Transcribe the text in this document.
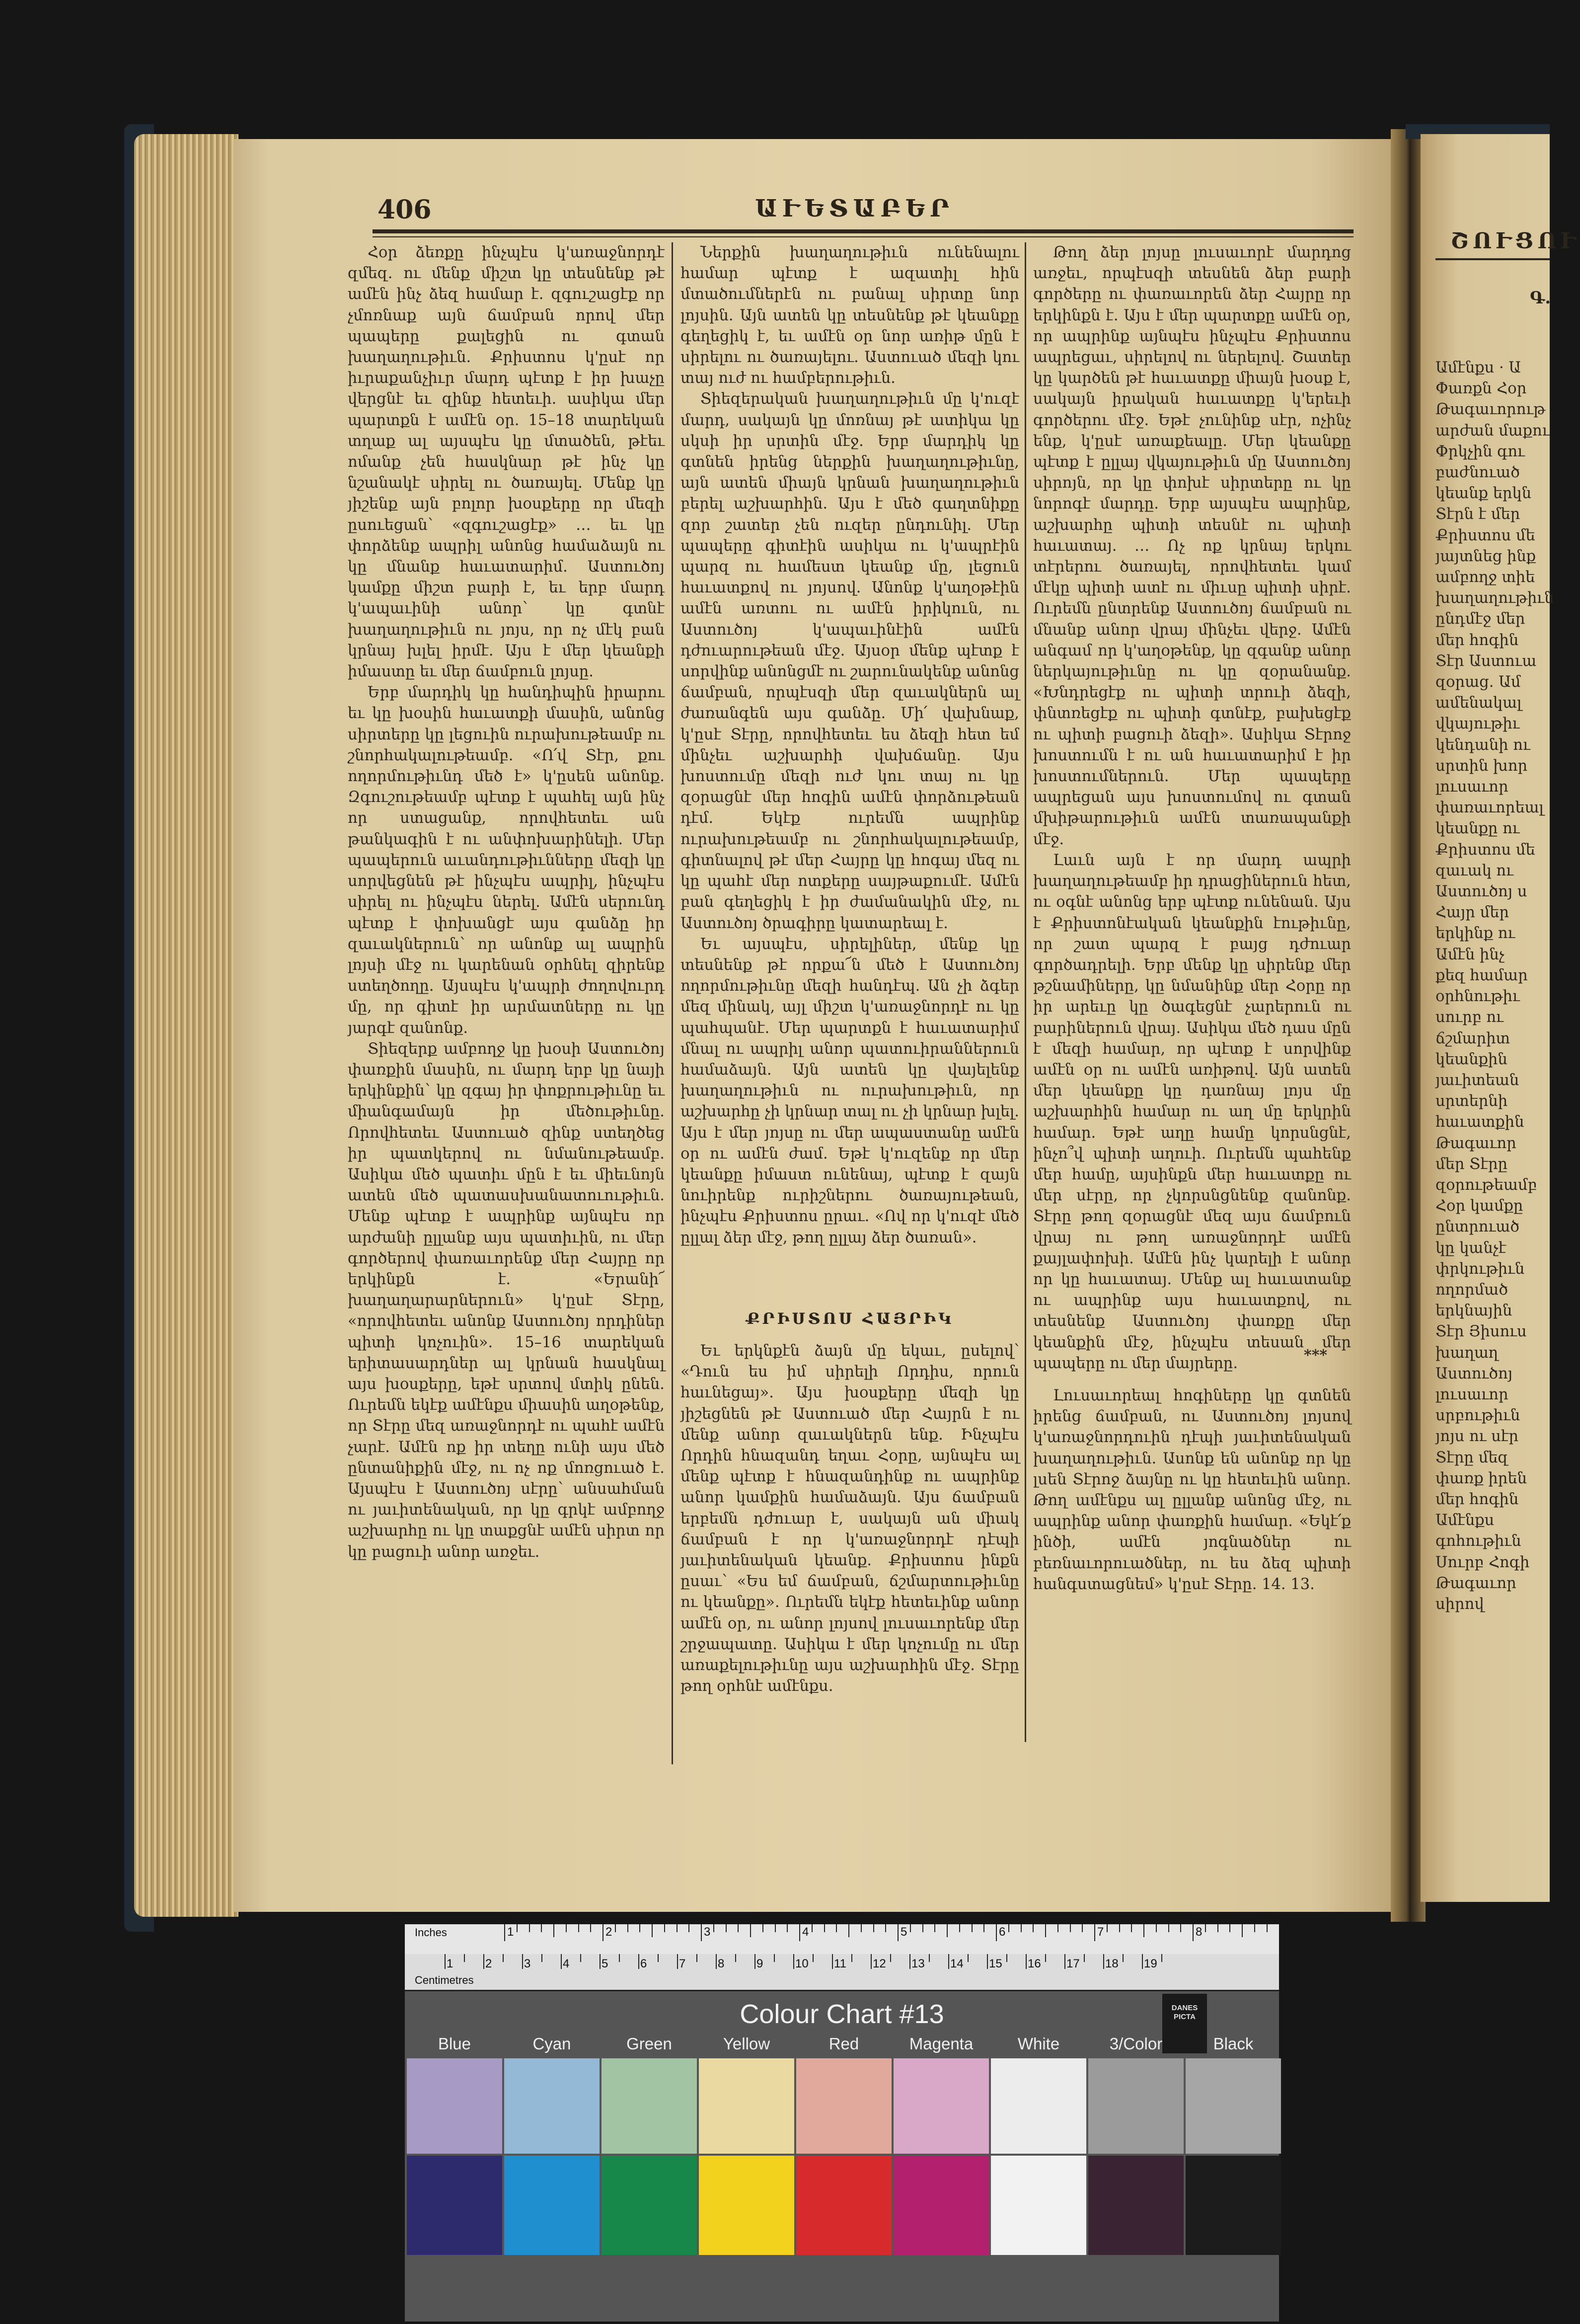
406	ԱՒԵՏԱԲԵՐ
ՇՈՒՑՈՒ
Գ.

Հօր ձեռքը ինչպէս կ'առաջնորդէ զմեզ. ու մենք միշտ կը տեսնենք թէ ամէն ինչ ձեզ համար է. զգուշացէք որ չմոռնաք այն ճամբան որով մեր պապերը քալեցին ու գտան խաղաղութիւն. Քրիստոս կ'ըսէ որ իւրաքանչիւր մարդ պէտք է իր խաչը վերցնէ եւ զինք հետեւի. ասիկա մեր պարտքն է ամէն օր. 15–18 տարեկան տղաք ալ այսպէս կը մտածեն, թէեւ ոմանք չեն հասկնար թէ ինչ կը նշանակէ սիրել ու ծառայել. Մենք կը յիշենք այն բոլոր խօսքերը որ մեզի ըսուեցան՝ «զգուշացէք» … եւ կը փորձենք ապրիլ անոնց համաձայն ու կը մնանք հաւատարիմ. Աստուծոյ կամքը միշտ բարի է, եւ երբ մարդ կ'ապաւինի անոր՝ կը գտնէ խաղաղութիւն ու յոյս, որ ոչ մէկ բան կրնայ խլել իրմէ. Այս է մեր կեանքի իմաստը եւ մեր ճամբուն լոյսը.

Երբ մարդիկ կը հանդիպին իրարու եւ կը խօսին հաւատքի մասին, անոնց սիրտերը կը լեցուին ուրախութեամբ ու շնորհակալութեամբ. «Ո՛վ Տէր, քու ողորմութիւնդ մեծ է» կ'ըսեն անոնք. Զգուշութեամբ պէտք է պահել այն ինչ որ ստացանք, որովհետեւ ան թանկագին է ու անփոխարինելի. Մեր պապերուն աւանդութիւնները մեզի կը սորվեցնեն թէ ինչպէս ապրիլ, ինչպէս սիրել ու ինչպէս ներել. Ամէն սերունդ պէտք է փոխանցէ այս գանձը իր զաւակներուն՝ որ անոնք ալ ապրին լոյսի մէջ ու կարենան օրհնել զիրենք ստեղծողը. Այսպէս կ'ապրի ժողովուրդ մը, որ գիտէ իր արմատները ու կը յարգէ զանոնք.

Տիեզերք ամբողջ կը խօսի Աստուծոյ փառքին մասին, ու մարդ երբ կը նայի երկինքին՝ կը զգայ իր փոքրութիւնը եւ միանգամայն իր մեծութիւնը. Որովհետեւ Աստուած զինք ստեղծեց իր պատկերով ու նմանութեամբ. Ասիկա մեծ պատիւ մըն է եւ միեւնոյն ատեն մեծ պատասխանատուութիւն. Մենք պէտք է ապրինք այնպէս որ արժանի ըլլանք այս պատիւին, ու մեր գործերով փառաւորենք մեր Հայրը որ երկինքն է. «Երանի՜ խաղաղարարներուն» կ'ըսէ Տէրը, «որովհետեւ անոնք Աստուծոյ որդիներ պիտի կոչուին». 15–16 տարեկան երիտասարդներ ալ կրնան հասկնալ այս խօսքերը, եթէ սրտով մտիկ ընեն. Ուրեմն եկէք ամէնքս միասին աղօթենք, որ Տէրը մեզ առաջնորդէ ու պահէ ամէն չարէ. Ամէն ոք իր տեղը ունի այս մեծ ընտանիքին մէջ, ու ոչ ոք մոռցուած է. Այսպէս է Աստուծոյ սէրը՝ անսահման ու յաւիտենական, որ կը գրկէ ամբողջ աշխարհը ու կը տաքցնէ ամէն սիրտ որ կը բացուի անոր առջեւ.

Ներքին խաղաղութիւն ունենալու համար պէտք է ազատիլ հին մտածումներէն ու բանալ սիրտը նոր լոյսին. Այն ատեն կը տեսնենք թէ կեանքը գեղեցիկ է, եւ ամէն օր նոր առիթ մըն է սիրելու ու ծառայելու. Աստուած մեզի կու տայ ուժ ու համբերութիւն.

Տիեզերական խաղաղութիւն մը կ'ուզէ մարդ, սակայն կը մոռնայ թէ ատիկա կը սկսի իր սրտին մէջ. Երբ մարդիկ կը գտնեն իրենց ներքին խաղաղութիւնը, այն ատեն միայն կրնան խաղաղութիւն բերել աշխարհին. Այս է մեծ գաղտնիքը զոր շատեր չեն ուզեր ընդունիլ. Մեր պապերը գիտէին ասիկա ու կ'ապրէին պարզ ու համեստ կեանք մը, լեցուն հաւատքով ու յոյսով. Անոնք կ'աղօթէին ամէն առտու ու ամէն իրիկուն, ու Աստուծոյ կ'ապաւինէին ամէն դժուարութեան մէջ. Այսօր մենք պէտք է սորվինք անոնցմէ ու շարունակենք անոնց ճամբան, որպէսզի մեր զաւակներն ալ ժառանգեն այս գանձը. Մի՛ վախնաք, կ'ըսէ Տէրը, որովհետեւ ես ձեզի հետ եմ մինչեւ աշխարհի վախճանը. Այս խոստումը մեզի ուժ կու տայ ու կը զօրացնէ մեր հոգին ամէն փորձութեան դէմ. Եկէք ուրեմն ապրինք ուրախութեամբ ու շնորհակալութեամբ, գիտնալով թէ մեր Հայրը կը հոգայ մեզ ու կը պահէ մեր ոտքերը սայթաքումէ. Ամէն բան գեղեցիկ է իր ժամանակին մէջ, ու Աստուծոյ ծրագիրը կատարեալ է.

Եւ այսպէս, սիրելիներ, մենք կը տեսնենք թէ որքա՜ն մեծ է Աստուծոյ ողորմութիւնը մեզի հանդէպ. Ան չի ձգեր մեզ մինակ, այլ միշտ կ'առաջնորդէ ու կը պահպանէ. Մեր պարտքն է հաւատարիմ մնալ ու ապրիլ անոր պատուիրաններուն համաձայն. Այն ատեն կը վայելենք խաղաղութիւն ու ուրախութիւն, որ աշխարհը չի կրնար տալ ու չի կրնար խլել. Այս է մեր յոյսը ու մեր ապաստանը ամէն օր ու ամէն ժամ. Եթէ կ'ուզենք որ մեր կեանքը իմաստ ունենայ, պէտք է զայն նուիրենք ուրիշներու ծառայութեան, ինչպէս Քրիստոս ըրաւ. «Ով որ կ'ուզէ մեծ ըլլալ ձեր մէջ, թող ըլլայ ձեր ծառան».

ՔՐԻՍՏՈՍ ՀԱՅՐԻԿ

Եւ երկնքէն ձայն մը եկաւ, ըսելով՝ «Դուն ես իմ սիրելի Որդիս, որուն հաւնեցայ». Այս խօսքերը մեզի կը յիշեցնեն թէ Աստուած մեր Հայրն է ու մենք անոր զաւակներն ենք. Ինչպէս Որդին հնազանդ եղաւ Հօրը, այնպէս ալ մենք պէտք է հնազանդինք ու ապրինք անոր կամքին համաձայն. Այս ճամբան երբեմն դժուար է, սակայն ան միակ ճամբան է որ կ'առաջնորդէ դէպի յաւիտենական կեանք. Քրիստոս ինքն ըսաւ՝ «Ես եմ ճամբան, ճշմարտութիւնը ու կեանքը». Ուրեմն եկէք հետեւինք անոր ամէն օր, ու անոր լոյսով լուսաւորենք մեր շրջապատը. Ասիկա է մեր կոչումը ու մեր առաքելութիւնը այս աշխարհին մէջ. Տէրը թող օրհնէ ամէնքս.

Թող ձեր լոյսը լուսաւորէ մարդոց առջեւ, որպէսզի տեսնեն ձեր բարի գործերը ու փառաւորեն ձեր Հայրը որ երկինքն է. Այս է մեր պարտքը ամէն օր, որ ապրինք այնպէս ինչպէս Քրիստոս ապրեցաւ, սիրելով ու ներելով. Շատեր կը կարծեն թէ հաւատքը միայն խօսք է, սակայն իրական հաւատքը կ'երեւի գործերու մէջ. Եթէ չունինք սէր, ոչինչ ենք, կ'ըսէ առաքեալը. Մեր կեանքը պէտք է ըլլայ վկայութիւն մը Աստուծոյ սիրոյն, որ կը փոխէ սիրտերը ու կը նորոգէ մարդը. Երբ այսպէս ապրինք, աշխարհը պիտի տեսնէ ու պիտի հաւատայ. … Ոչ ոք կրնայ երկու տէրերու ծառայել, որովհետեւ կամ մէկը պիտի ատէ ու միւսը պիտի սիրէ. Ուրեմն ընտրենք Աստուծոյ ճամբան ու մնանք անոր վրայ մինչեւ վերջ. Ամէն անգամ որ կ'աղօթենք, կը զգանք անոր ներկայութիւնը ու կը զօրանանք. «Խնդրեցէք ու պիտի տրուի ձեզի, փնտռեցէք ու պիտի գտնէք, բախեցէք ու պիտի բացուի ձեզի». Ասիկա Տէրոջ խոստումն է ու ան հաւատարիմ է իր խոստումներուն. Մեր պապերը ապրեցան այս խոստումով ու գտան մխիթարութիւն ամէն տառապանքի մէջ.

Լաւն այն է որ մարդ ապրի խաղաղութեամբ իր դրացիներուն հետ, ու օգնէ անոնց երբ պէտք ունենան. Այս է Քրիստոնէական կեանքին էութիւնը, որ շատ պարզ է բայց դժուար գործադրելի. Երբ մենք կը սիրենք մեր թշնամիները, կը նմանինք մեր Հօրը որ իր արեւը կը ծագեցնէ չարերուն ու բարիներուն վրայ. Ասիկա մեծ դաս մըն է մեզի համար, որ պէտք է սորվինք ամէն օր ու ամէն առիթով. Այն ատեն մեր կեանքը կը դառնայ լոյս մը աշխարհին համար ու աղ մը երկրին համար. Եթէ աղը համը կորսնցնէ, ինչո՞վ պիտի աղուի. Ուրեմն պահենք մեր համը, այսինքն մեր հաւատքը ու մեր սէրը, որ չկորսնցնենք զանոնք. Տէրը թող զօրացնէ մեզ այս ճամբուն վրայ ու թող առաջնորդէ ամէն քայլափոխի. Ամէն ինչ կարելի է անոր որ կը հաւատայ. Մենք ալ հաւատանք ու ապրինք այս հաւատքով, ու տեսնենք Աստուծոյ փառքը մեր կեանքին մէջ, ինչպէս տեսան մեր պապերը ու մեր մայրերը.	***

Լուսաւորեալ հոգիները կը գտնեն իրենց ճամբան, ու Աստուծոյ լոյսով կ'առաջնորդուին դէպի յաւիտենական խաղաղութիւն. Ասոնք են անոնք որ կը լսեն Տէրոջ ձայնը ու կը հետեւին անոր. Թող ամէնքս ալ ըլլանք անոնց մէջ, ու ապրինք անոր փառքին համար. «Եկէ՛ք ինծի, ամէն յոգնածներ ու բեռնաւորուածներ, ու ես ձեզ պիտի հանգստացնեմ» կ'ըսէ Տէրը. 14. 13.

Ամէնքս · Ա

Փառքն Հօր

Թագաւորութ

արժան մաքու

Փրկչին գու

բաժնուած

կեանք երկն

Տէրն է մեր

Քրիստոս մե

յայտնեց ինք

ամբողջ տիե

խաղաղութիւն

ընդմէջ մեր

մեր հոգին

Տէր Աստուա

զօրաց. Ամ

ամենակալ

վկայութիւ

կենդանի ու

սրտին խոր

լուսաւոր

փառաւորեալ

կեանքը ու

Քրիստոս մե

զաւակ ու

Աստուծոյ ս

Հայր մեր

երկինք ու

Ամէն ինչ

քեզ համար

օրհնութիւ

սուրբ ու

ճշմարիտ

կեանքին

յաւիտեան

սրտերնի

հաւատքին

Թագաւոր

մեր Տէրը

զօրութեամբ

Հօր կամքը

ընտրուած

կը կանչէ

փրկութիւն

ողորմած

երկնային

Տէր Յիսուս

խաղաղ

Աստուծոյ

լուսաւոր

սրբութիւն

յոյս ու սէր

Տէրը մեզ

փառք իրեն

մեր հոգին

Ամէնքս

գոհութիւն

Սուրբ Հոգի

Թագաւոր

սիրով

Inches	1	2	3	4	5	6	7	8
Centimetres
1	2	3	4	5	6	7	8	9	10 11 12 13 14 15 16 17 18 19
Colour Chart #13	DANES PICTA
Blue	Cyan	Green	Yellow	Red	Magenta	White	3/Color	Black
